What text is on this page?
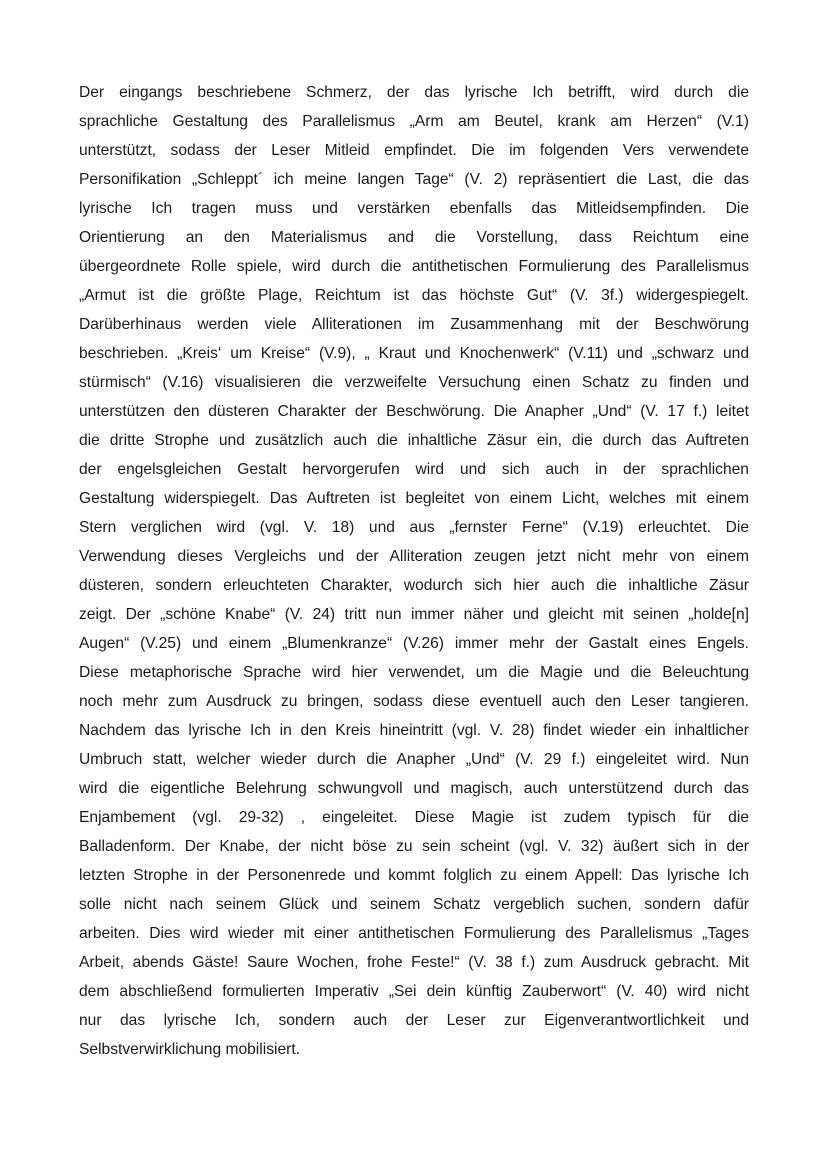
Der eingangs beschriebene Schmerz, der das lyrische Ich betrifft, wird durch die
sprachliche Gestaltung des Parallelismus „Arm am Beutel, krank am Herzen“ (V.1)
unterstützt, sodass der Leser Mitleid empfindet. Die im folgenden Vers verwendete
Personifikation „Schleppt´ ich meine langen Tage“ (V. 2) repräsentiert die Last, die das
lyrische Ich tragen muss und verstärken ebenfalls das Mitleidsempfinden. Die
Orientierung an den Materialismus and die Vorstellung, dass Reichtum eine
übergeordnete Rolle spiele, wird durch die antithetischen Formulierung des Parallelismus
„Armut ist die größte Plage, Reichtum ist das höchste Gut“ (V. 3f.) widergespiegelt.
Darüberhinaus werden viele Alliterationen im Zusammenhang mit der Beschwörung
beschrieben. „Kreis‘ um Kreise“ (V.9), „ Kraut und Knochenwerk“ (V.11) und „schwarz und
stürmisch“ (V.16) visualisieren die verzweifelte Versuchung einen Schatz zu finden und
unterstützen den düsteren Charakter der Beschwörung. Die Anapher „Und“ (V. 17 f.) leitet
die dritte Strophe und zusätzlich auch die inhaltliche Zäsur ein, die durch das Auftreten
der engelsgleichen Gestalt hervorgerufen wird und sich auch in der sprachlichen
Gestaltung widerspiegelt. Das Auftreten ist begleitet von einem Licht, welches mit einem
Stern verglichen wird (vgl. V. 18) und aus „fernster Ferne“ (V.19) erleuchtet. Die
Verwendung dieses Vergleichs und der Alliteration zeugen jetzt nicht mehr von einem
düsteren, sondern erleuchteten Charakter, wodurch sich hier auch die inhaltliche Zäsur
zeigt. Der „schöne Knabe“ (V. 24) tritt nun immer näher und gleicht mit seinen „holde[n]
Augen“ (V.25) und einem „Blumenkranze“ (V.26) immer mehr der Gastalt eines Engels.
Diese metaphorische Sprache wird hier verwendet, um die Magie und die Beleuchtung
noch mehr zum Ausdruck zu bringen, sodass diese eventuell auch den Leser tangieren.
Nachdem das lyrische Ich in den Kreis hineintritt (vgl. V. 28) findet wieder ein inhaltlicher
Umbruch statt, welcher wieder durch die Anapher „Und“ (V. 29 f.) eingeleitet wird. Nun
wird die eigentliche Belehrung schwungvoll und magisch, auch unterstützend durch das
Enjambement (vgl. 29-32) , eingeleitet. Diese Magie ist zudem typisch für die
Balladenform. Der Knabe, der nicht böse zu sein scheint (vgl. V. 32) äußert sich in der
letzten Strophe in der Personenrede und kommt folglich zu einem Appell: Das lyrische Ich
solle nicht nach seinem Glück und seinem Schatz vergeblich suchen, sondern dafür
arbeiten. Dies wird wieder mit einer antithetischen Formulierung des Parallelismus „Tages
Arbeit, abends Gäste! Saure Wochen, frohe Feste!“ (V. 38 f.) zum Ausdruck gebracht. Mit
dem abschließend formulierten Imperativ „Sei dein künftig Zauberwort“ (V. 40) wird nicht
nur das lyrische Ich, sondern auch der Leser zur Eigenverantwortlichkeit und
Selbstverwirklichung mobilisiert.
